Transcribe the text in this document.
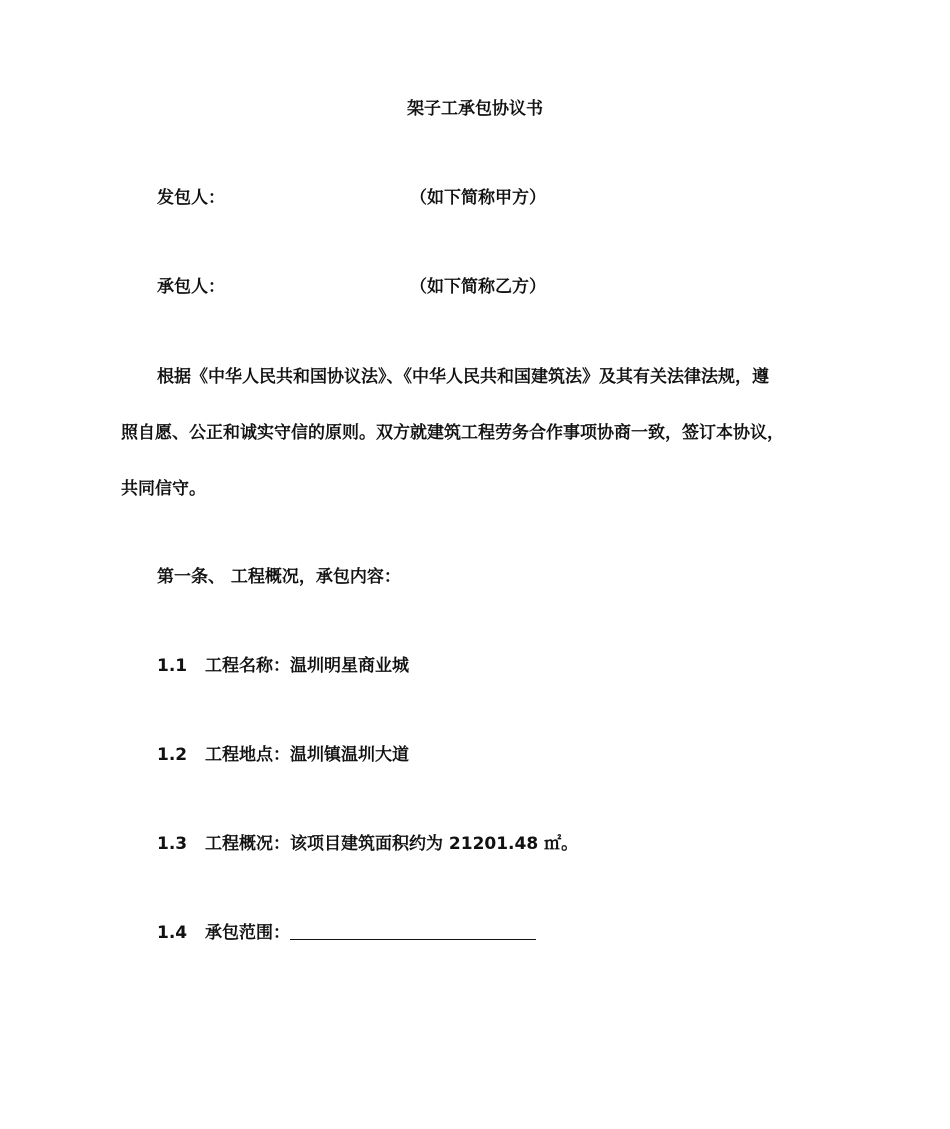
架子工承包协议书
发包人：	（如下简称甲方）
承包人：	（如下简称乙方）
根据《中华人民共和国协议法》、《中华人民共和国建筑法》及其有关法律法规，遵
照自愿、公正和诚实守信的原则。双方就建筑工程劳务合作事项协商一致，签订本协议，
共同信守。
第一条、 工程概况，承包内容：
1.1 工程名称：温圳明星商业城
1.2 工程地点：温圳镇温圳大道
1.3 工程概况：该项目建筑面积约为 21201.48 ㎡。
1.4 承包范围：
